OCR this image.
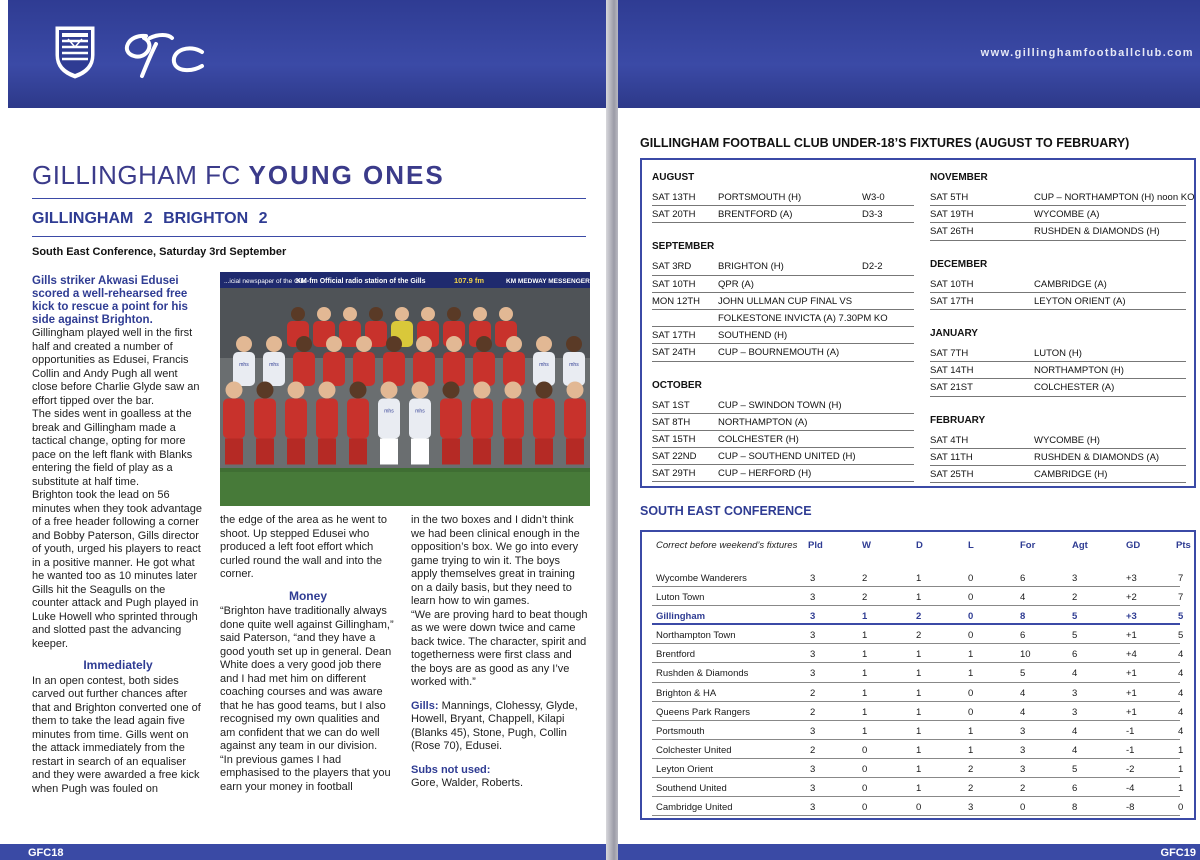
GILLINGHAM FC YOUNG ONES
GILLINGHAM 2 BRIGHTON 2
South East Conference, Saturday 3rd September

Gills striker Akwasi Edusei scored a well-rehearsed free kick to rescue a point for his side against Brighton.

Gillingham played well in the first half and created a number of opportunities as Edusei, Francis Collin and Andy Pugh all went close before Charlie Glyde saw an effort tipped over the bar.

The sides went in goalless at the break and Gillingham made a tactical change, opting for more pace on the left flank with Blanks entering the field of play as a substitute at half time.

Brighton took the lead on 56 minutes when they took advantage of a free header following a corner and Bobby Paterson, Gills director of youth, urged his players to react in a positive manner. He got what he wanted too as 10 minutes later Gills hit the Seagulls on the counter attack and Pugh played in Luke Howell who sprinted through and slotted past the advancing keeper.

Immediately

In an open contest, both sides carved out further chances after that and Brighton converted one of them to take the lead again five minutes from time. Gills went on the attack immediately from the restart in search of an equaliser and they were awarded a free kick when Pugh was fouled on

...icial newspaper of the Gills
KM-fm Official radio station of the Gills	107.9 fm	KM MEDWAY MESSENGER
mhs	mhs	mhs	mhs
mhs	mhs

the edge of the area as he went to shoot. Up stepped Edusei who produced a left foot effort which curled round the wall and into the corner.

Money

“Brighton have traditionally always done quite well against Gillingham,” said Paterson, “and they have a good youth set up in general. Dean White does a very good job there and I had met him on different coaching courses and was aware that he has good teams, but I also recognised my own qualities and am confident that we can do well against any team in our division.

“In previous games I had emphasised to the players that you earn your money in football

in the two boxes and I didn’t think we had been clinical enough in the opposition’s box. We go into every game trying to win it. The boys apply themselves great in training on a daily basis, but they need to learn how to win games.

“We are proving hard to beat though as we were down twice and came back twice. The character, spirit and togetherness were first class and the boys are as good as any I’ve worked with.”

Gills: Mannings, Clohessy, Glyde, Howell, Bryant, Chappell, Kilapi (Blanks 45), Stone, Pugh, Collin (Rose 70), Edusei.

Subs not used:
Gore, Walder, Roberts.

GFC18
www.gillinghamfootballclub.com
GILLINGHAM FOOTBALL CLUB UNDER-18’S FIXTURES (AUGUST TO FEBRUARY)
AUGUST
SAT 13TH PORTSMOUTH (H)	W3-0
SAT 20TH BRENTFORD (A)	D3-3
SEPTEMBER
SAT 3RD	BRIGHTON (H)	D2-2
SAT 10TH QPR (A)
MON 12TH JOHN ULLMAN CUP FINAL VS
FOLKESTONE INVICTA (A) 7.30PM KO
SAT 17TH SOUTHEND (H)
SAT 24TH CUP – BOURNEMOUTH (A)
OCTOBER
SAT 1ST	CUP – SWINDON TOWN (H)
SAT 8TH	NORTHAMPTON (A)
SAT 15TH COLCHESTER (H)
SAT 22ND CUP – SOUTHEND UNITED (H)
SAT 29TH CUP – HERFORD (H)
NOVEMBER
SAT 5TH	CUP – NORTHAMPTON (H) noon KO
SAT 19TH	WYCOMBE (A)
SAT 26TH	RUSHDEN & DIAMONDS (H)
DECEMBER
SAT 10TH	CAMBRIDGE (A)
SAT 17TH	LEYTON ORIENT (A)
JANUARY
SAT 7TH	LUTON (H)
SAT 14TH	NORTHAMPTON (H)
SAT 21ST	COLCHESTER (A)
FEBRUARY
SAT 4TH	WYCOMBE (H)
SAT 11TH	RUSHDEN & DIAMONDS (A)
SAT 25TH	CAMBRIDGE (H)
SOUTH EAST CONFERENCE
Correct before weekend’s fixtures Pld	W	D	L	For	Agt	GD	Pts
Wycombe Wanderers	3	2	1	0	6	3	+3	7
Luton Town	3	2	1	0	4	2	+2	7
Gillingham	3	1	2	0	8	5	+3	5
Northampton Town	3	1	2	0	6	5	+1	5
Brentford	3	1	1	1	10	6	+4	4
Rushden & Diamonds	3	1	1	1	5	4	+1	4
Brighton & HA	2	1	1	0	4	3	+1	4
Queens Park Rangers	2	1	1	0	4	3	+1	4
Portsmouth	3	1	1	1	3	4	-1	4
Colchester United	2	0	1	1	3	4	-1	1
Leyton Orient	3	0	1	2	3	5	-2	1
Southend United	3	0	1	2	2	6	-4	1
Cambridge United	3	0	0	3	0	8	-8	0
GFC19
